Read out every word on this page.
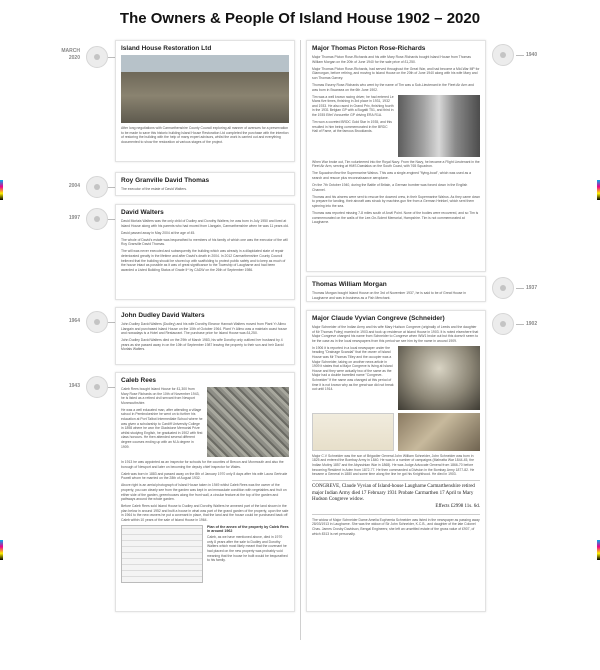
The Owners & People Of Island House 1902 – 2020
MARCH
2020
2004
1997
1964
1943
1940
1937
1902
Island House Restoration Ltd

After long negotiations with Carmarthenshire County Council exploring all manner of avenues for a preservation to be made to save this historic building Island House Restoration Ltd completed the purchase with the intention of restoring the building with the help of many expert advisors, whilst the work is carried out and everything documented to show the restoration at various stages of the project.

Roy Granville David Thomas

The executor of the estate of David Walters.

David Walters

David Morlais Walters was the only child of Dudley and Dorothy Walters; he was born in July 1950 and lived at Island House along with his parents who had moved from Llangain, Carmarthenshire when he was 11 years old.

David passed away in May 2004 at the age of 45.

The whole of David's estate was bequeathed to members of his family of which one was the executor of the will Roy Granville David Thomas.

The will was never executed and subsequently the building which was already in a dilapidated state of repair deteriorated greatly in the lifetime and after David's death in 2004. In 2012 Carmarthenshire County Council believed that the building should be shored up with scaffolding to protect public safety and to keep as much of the house intact as possible as it was of great significance to the Township of Laugharne and had been awarded a Listed Building Status of Grade II* by CADW on the 26th of September 1986.

John Dudley David Walters

John Dudley David Walters (Dudley) and his wife Dorothy Eleanor Hannah Walters moved from Plant Yr Allmo Llangain and purchased Island House on the 10th of October 1964. Plant Yr Allmo was a maintain coast house and nowadays is a Hotel and Restaurant. The purchase price for Island House was £4,250.

John Dudley David Walters died on the 29th of March 1983, his wife Dorothy only outlived her husband by 4 years as she passed away in on the 10th of September 1987 leaving the property to their son and heir David Morlais Walters.

Caleb Rees

Caleb Rees bought Island House for £1,300 from Mary Rose Richards on the 10th of November 1943, he is listed as a retired civil servant from Newport Monmouthshire.

He was a well educated man, after attending a village school in Pembrokeshire he went on to further his education at Port Talbot Intermediate School where he was given a scholarship to Cardiff University College in 1898 where he won the Gladstone Memorial Prize whilst studying English, he graduated in 1902 with first class honours. He then attended several different degree courses ending up with an M.A degree in 1909.

In 1913 he was appointed as an inspector for schools for the counties of Brecon and Monmouth and also the borough of Newport and later on becoming the deputy chief inspector for Wales.

Caleb was born in 1883 and passed away on the 8th of January 1970 only 8 days after his wife Laura Gertrude Powell whom he married on the 28th of August 1932.

Above right is an aerial photograph of Island House taken in 1949 whilst Caleb Rees was the owner of the property, you can clearly see from the garden was kept in an immaculate condition with vegetables and fruit on either side of the garden, greenhouses along the front wall, a circular feature at the top of the garden and pathways around the whole garden.

Before Caleb Rees sold Island House to Dudley and Dorothy Walters he annexed part of the land shown in the plan below in around 1952 and built a house in what was part of the grand garden of the property, upon the sale in 1964 to the new owners he put a covenant in place, that the land and the house could be purchased back off Caleb within 10 years of the sale of Island House in 1964.

Plan of the annex of the property by Caleb Rees in around 1962

Caleb, as we have mentioned above, died in 1970 only 8 years after the sale to Dudley and Dorothy Walters which most likely meant that the covenant he had placed on the new property was probably void meaning that the house he built would be bequeathed to his family.

Major Thomas Picton Rose-Richards

Major Thomas Picton Rose-Richards and his wife Mary Rose-Richards bought Island House from Thomas William Morgan on the 20th of June 1940 for the sale price of £1,250.

Major Thomas Picton Rose-Richards, had served throughout the Great War, and had become a Mid-War MP for Glamorgan, before retiring, and moving to Island House on the 20th of June 1940 along with his wife Mary and son Thomas Garvey.

Thomas Essery Rose-Richards who went by the name of Tim was a Sub-Lieutenant in the Fleet Air Arm and was born in Swansea on the 6th June 1902.

Tim was a well known racing driver, he had entered Le Mans five times, finishing in 3rd place in 1931, 1932 and 1933. He also raced in Grand Prix, finishing fourth in the 1931 Belgian GP with a Bugatti T51, and third in the 1935 Eifel Vorcurette GP driving ERA R1A.

Tim won a coveted BRDC Gold Star in 1935, and this resulted in him being commemorated in the BRDC Hall of Fame, at the famous Brooklands.

When War broke out, Tim volunteered into the Royal Navy. From the Navy, he became a Flight Lieutenant in the Fleet Air Arm, serving at HMS Daedalus on the South Coast, with 765 Squadron.

The Squadron flew the Supermarine Walrus. This was a single-engined "flying-boat", which was used as a search and rescue plus reconnaissance aeroplane.

On the 7th October 1940, during the Battle of Britain, a German bomber was forced down in the English Channel.

Thomas and his aircrew were sent to rescue the downed crew, in their Supermarine Walrus. As they came down to prepare for landing, their aircraft was struck by machine-gun fire from a German Heinkel, which sent them spinning into the sea.

Thomas was reported missing 7-8 miles south of Anvil Point. None of the bodies were recovered, and so Tim is commemorated on the walls of the Lee-On-Solent Memorial, Hampshire. Tim is not commemorated at Laugharne.

Thomas William Morgan

Thomas Morgan bought Island House on the 3rd of November 1937, he is said to be of Great House in Laugharne and was in business as a Fish Merchant.

Major Claude Vyvian Congreve (Schneider)

Major Schneider of the Indian Army and his wife Mary Hudson Congreve (originally of Leeds and the daughter of Mr Thomas Foley) married in 1903 and took up residence at Island House in 1903. It is noted elsewhere that Major Congreve changed his name from Schneider to Congreve when WW1 broke out but this doesn't seem to be the case as in the local newspapers from this period we see him by the name in around 1909.

In 1906 it is reported in a local newspaper under the heading "Drainage Scandal" that the owner of Island House was Mr Thomas Tilley and the occupier was a Major Schneider, taking on another news article in 1909 it states that a Major Congreve is living at Island House and they were actually two of the same as the Major had a double barrelled name "Congreve-Schneider" if the name was changed at this period of time it is not known why as the great war did not break out until 1914.

Major C.V Schneider was the son of Brigadier General John William Schneider, John Schneider was born in 1825 and entered the Bombay Army in 1840. He was in a number of campaigns (Mahratta War 1844-45, the Indian Mutiny 1857 and the Abyssinian War in 1868). He was Judge Advocate General from 1866-70 before becoming Resident in Aden from 1872-77. He then commanded a Division in the Bombay Army 1877-82. He became a General in 1880 and some time along the line he got his Knighthood. He died in 1903.

CONGREVE, Claude Vyvian of Island-house Laugharne Carmarthenshire retired major Indian Army died 17 February 1931 Probate Carmarthen 17 April to Mary Hudson Congreve widow.
Effects £2998 11s. 6d.

The widow of Major Schneider Dame Amelia Euphemia Schneider was listed in the newspaper as passing away 28/03/1913 in Laugharne. She was the widow of Sir John Schneider, K.C.B., and daughter of the late Colonel Chas. James Crosby Davidson, Bengal Engineers; she left an unsettled estate of the gross value of £907, of which £513 is net personalty.
